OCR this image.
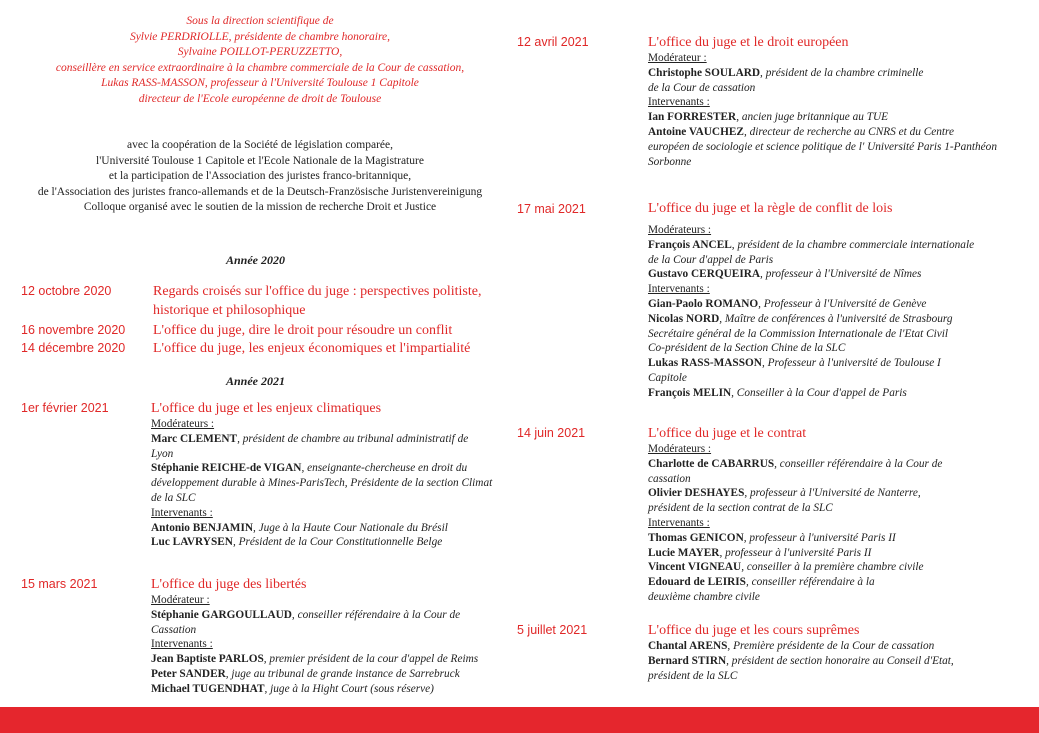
Sous la direction scientifique de
Sylvie PERDRIOLLE, présidente de chambre honoraire,
Sylvaine POILLOT-PERUZZETTO,
conseillère en service extraordinaire à la chambre commerciale de la Cour de cassation,
Lukas RASS-MASSON, professeur à l'Université Toulouse 1 Capitole
directeur de l'Ecole européenne de droit de Toulouse
avec la coopération de la Société de législation comparée,
l'Université Toulouse 1 Capitole et l'Ecole Nationale de la Magistrature
et la participation de l'Association des juristes franco-britannique,
de l'Association des juristes franco-allemands et de la Deutsch-Französische Juristenvereinigung
Colloque organisé avec le soutien de la mission de recherche Droit et Justice
Année 2020
12 octobre 2020	Regards croisés sur l'office du juge : perspectives politiste,
historique et philosophique
16 novembre 2020 L'office du juge, dire le droit pour résoudre un conflit
14 décembre 2020 L'office du juge, les enjeux économiques et l'impartialité
Année 2021
1er février 2021	L'office du juge et les enjeux climatiques
Modérateurs :
Marc CLEMENT, président de chambre au tribunal administratif de
Lyon
Stéphanie REICHE-de VIGAN, enseignante-chercheuse en droit du
développement durable à Mines-ParisTech, Présidente de la section Climat
de la SLC
Intervenants :
Antonio BENJAMIN, Juge à la Haute Cour Nationale du Brésil
Luc LAVRYSEN, Président de la Cour Constitutionnelle Belge
15 mars 2021	L'office du juge des libertés
Modérateur :
Stéphanie GARGOULLAUD, conseiller référendaire à la Cour de
Cassation
Intervenants :
Jean Baptiste PARLOS, premier président de la cour d'appel de Reims
Peter SANDER, juge au tribunal de grande instance de Sarrebruck
Michael TUGENDHAT, juge à la Hight Court (sous réserve)
12 avril 2021	L'office du juge et le droit européen
Modérateur :
Christophe SOULARD, président de la chambre criminelle
de la Cour de cassation
Intervenants :
Ian FORRESTER, ancien juge britannique au TUE
Antoine VAUCHEZ, directeur de recherche au CNRS et du Centre
européen de sociologie et science politique de l' Université Paris 1-Panthéon
Sorbonne
17 mai 2021	L'office du juge et la règle de conflit de lois
Modérateurs :
François ANCEL, président de la chambre commerciale internationale
de la Cour d'appel de Paris
Gustavo CERQUEIRA, professeur à l'Université de Nîmes
Intervenants :
Gian-Paolo ROMANO, Professeur à l'Université de Genève
Nicolas NORD, Maître de conférences à l'université de Strasbourg
Secrétaire général de la Commission Internationale de l'Etat Civil
Co-président de la Section Chine de la SLC
Lukas RASS-MASSON, Professeur à l'université de Toulouse I
Capitole
François MELIN, Conseiller à la Cour d'appel de Paris
14 juin 2021	L'office du juge et le contrat
Modérateurs :
Charlotte de CABARRUS, conseiller référendaire à la Cour de
cassation
Olivier DESHAYES, professeur à l'Université de Nanterre,
président de la section contrat de la SLC
Intervenants :
Thomas GENICON, professeur à l'université Paris II
Lucie MAYER, professeur à l'université Paris II
Vincent VIGNEAU, conseiller à la première chambre civile
Edouard de LEIRIS, conseiller référendaire à la
deuxième chambre civile
5 juillet 2021	L'office du juge et les cours suprêmes
Chantal ARENS, Première présidente de la Cour de cassation
Bernard STIRN, président de section honoraire au Conseil d'Etat,
président de la SLC
